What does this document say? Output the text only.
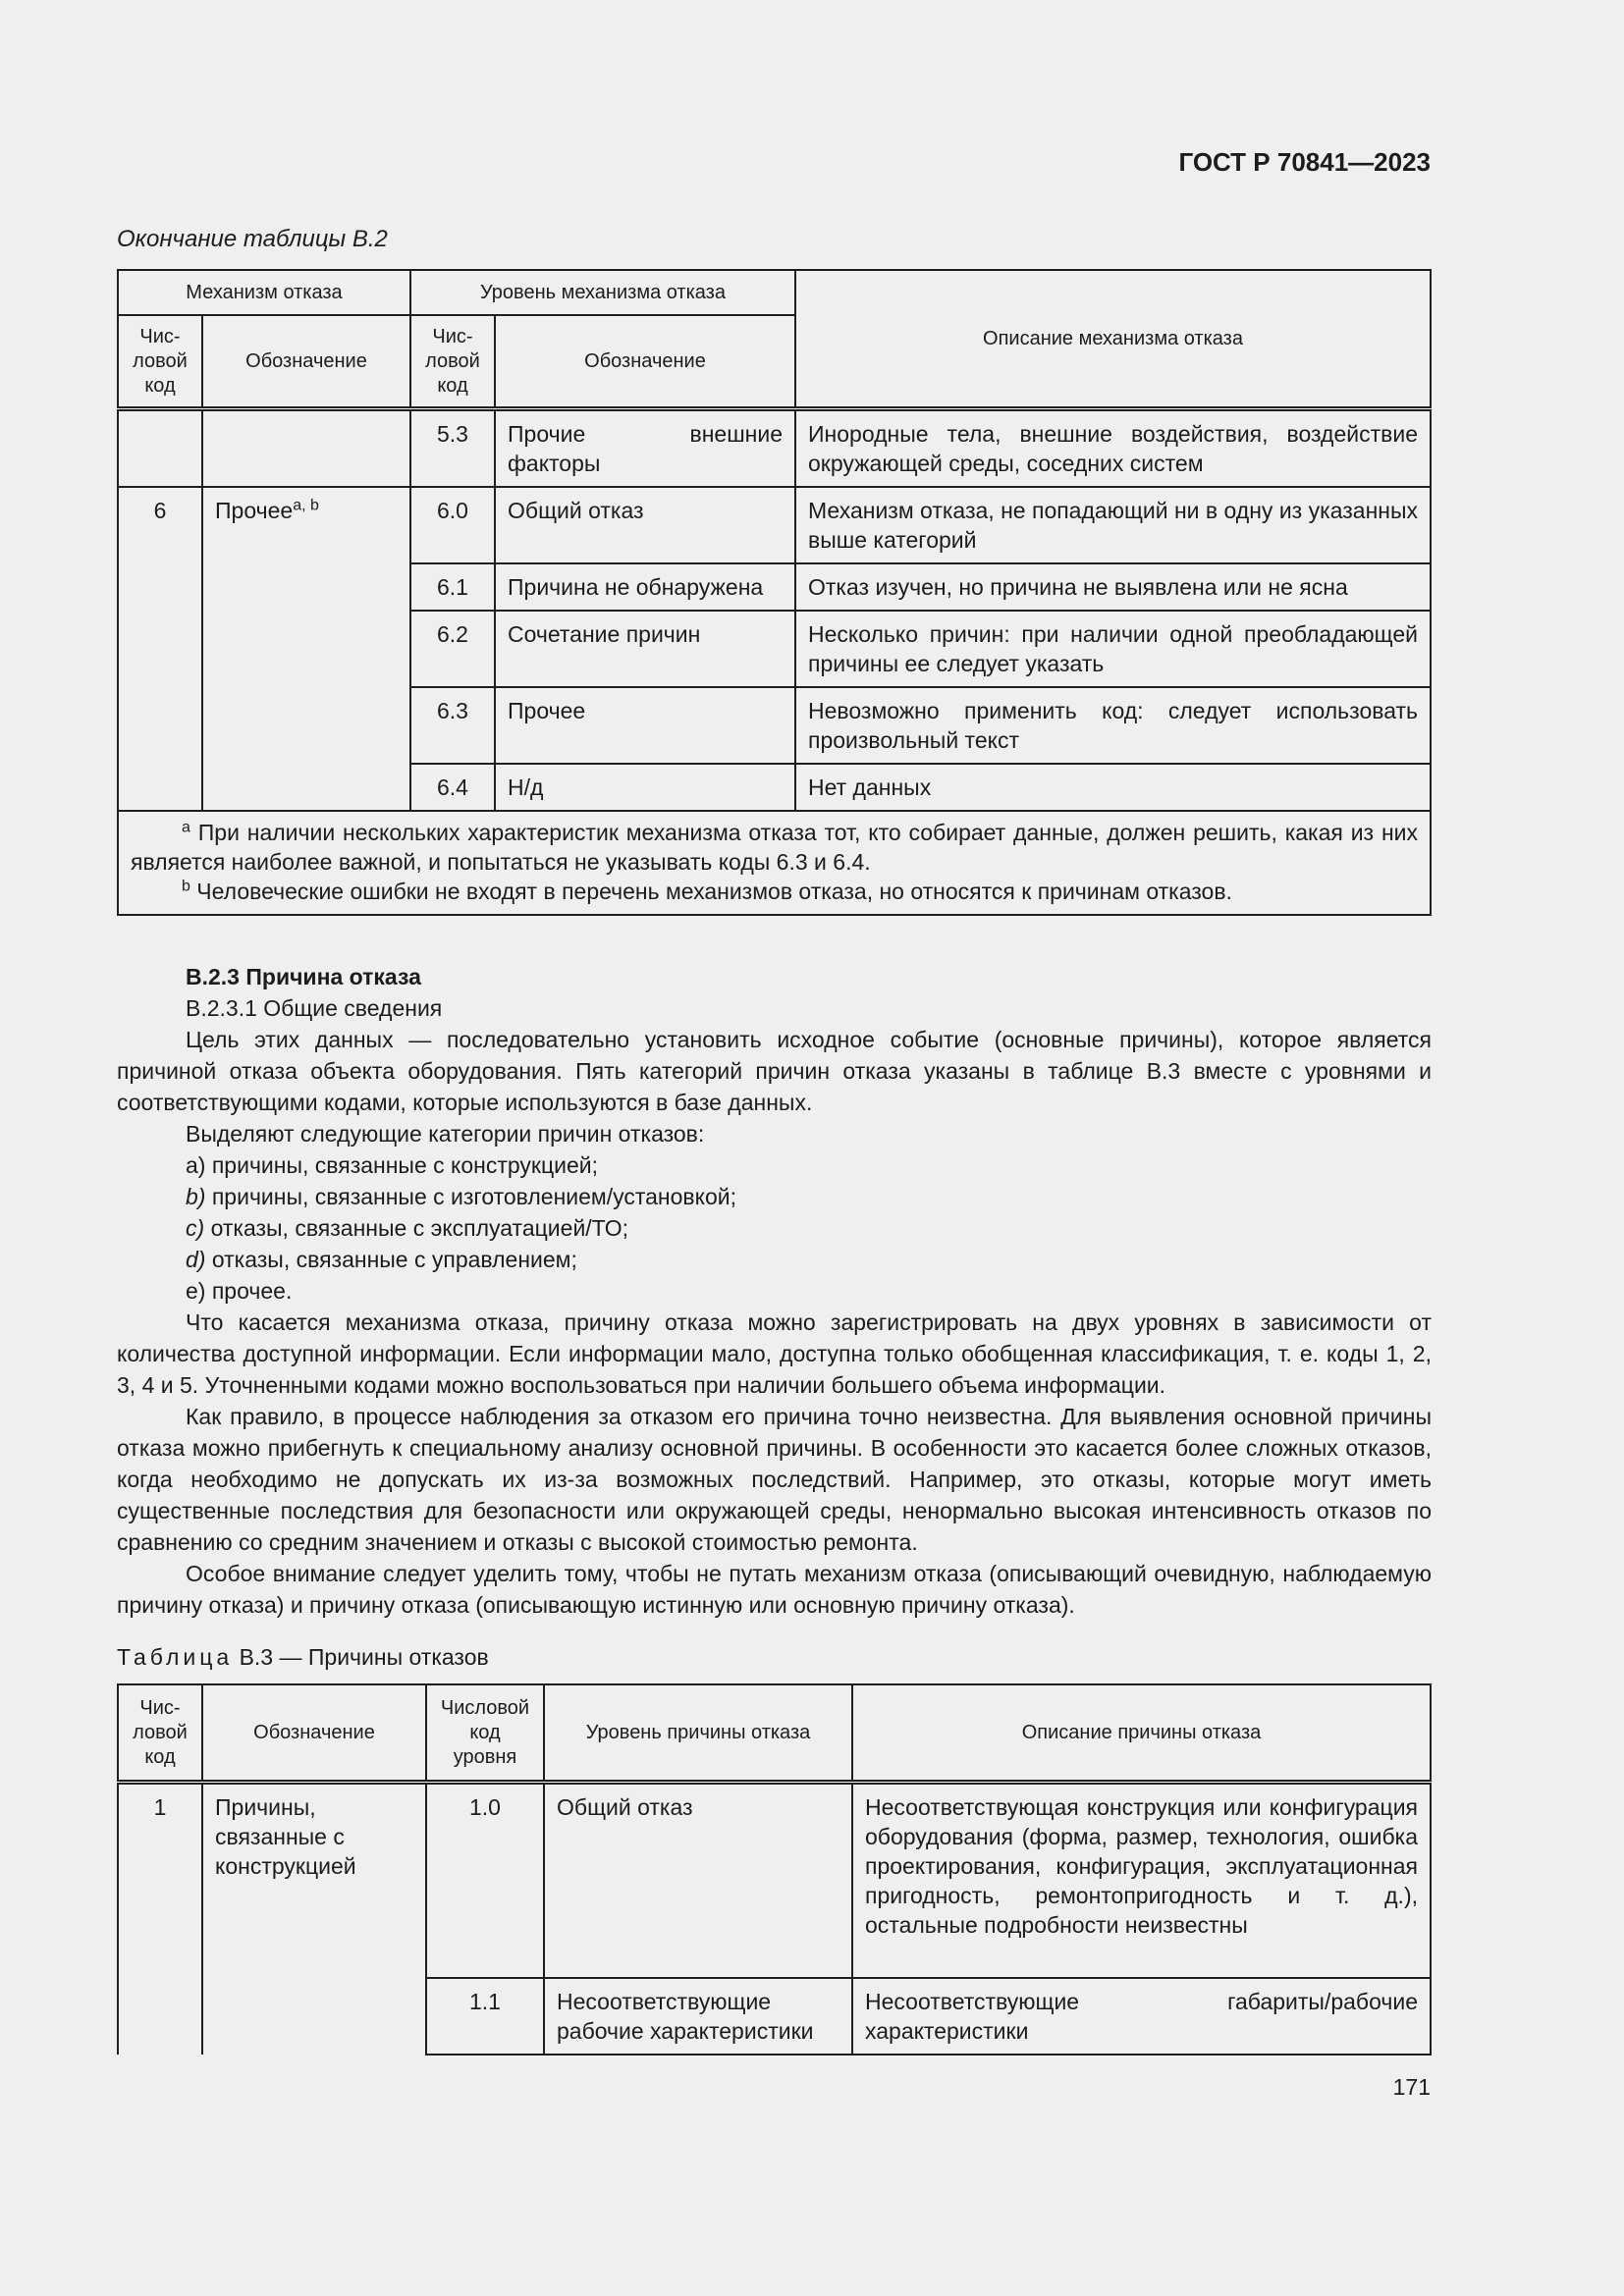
ГОСТ Р 70841—2023
Окончание таблицы B.2
Механизм отказа		Уровень механизма отказа		Описание механизма отказа
Чис-
ловой
код	Обозначение	Чис-
ловой
код	Обозначение	
		5.3	Прочие внешние факторы	Инородные тела, внешние воздействия, воздействие окружающей среды, соседних систем
6	Прочее$^{a, b}$	6.0	Общий отказ	Механизм отказа, не попадающий ни в одну из указанных выше категорий
		6.1	Причина не обнаружена	Отказ изучен, но причина не выявлена или не ясна
		6.2	Сочетание причин	Несколько причин: при наличии одной преобладающей причины ее следует указать
		6.3	Прочее	Невозможно применить код: следует использовать произвольный текст
		6.4	Н/д	Нет данных

$^a$ При наличии нескольких характеристик механизма отказа тот, кто собирает данные, должен решить, какая из них является наиболее важной, и попытаться не указывать коды 6.3 и 6.4.
$^b$ Человеческие ошибки не входят в перечень механизмов отказа, но относятся к причинам отказов.				

B.2.3 Причина отказа

B.2.3.1 Общие сведения

Цель этих данных — последовательно установить исходное событие (основные причины), которое является причиной отказа объекта оборудования. Пять категорий причин отказа указаны в таблице B.3 вместе с уровнями и соответствующими кодами, которые используются в базе данных.

Выделяют следующие категории причин отказов:

a) причины, связанные с конструкцией;

b) причины, связанные с изготовлением/установкой;

c) отказы, связанные с эксплуатацией/ТО;

d) отказы, связанные с управлением;

e) прочее.

Что касается механизма отказа, причину отказа можно зарегистрировать на двух уровнях в зависимости от количества доступной информации. Если информации мало, доступна только обобщенная классификация, т. е. коды 1, 2, 3, 4 и 5. Уточненными кодами можно воспользоваться при наличии большего объема информации.

Как правило, в процессе наблюдения за отказом его причина точно неизвестна. Для выявления основной причины отказа можно прибегнуть к специальному анализу основной причины. В особенности это касается более сложных отказов, когда необходимо не допускать их из-за возможных последствий. Например, это отказы, которые могут иметь существенные последствия для безопасности или окружающей среды, ненормально высокая интенсивность отказов по сравнению со средним значением и отказы с высокой стоимостью ремонта.

Особое внимание следует уделить тому, чтобы не путать механизм отказа (описывающий очевидную, наблюдаемую причину отказа) и причину отказа (описывающую истинную или основную причину отказа).

Таблица B.3 — Причины отказов
Чис-
ловой
код	Обозначение	Числовой
код
уровня	Уровень причины отказа	Описание причины отказа
1	Причины, связанные с конструкцией	1.0	Общий отказ	Несоответствующая конструкция или конфигурация оборудования (форма, размер, технология, ошибка проектирования, конфигурация, эксплуатационная пригодность, ремонтопригодность и т. д.), остальные подробности неизвестны
		1.1	Несоответствующие рабочие характеристики	Несоответствующие габариты/рабочие характеристики
171
